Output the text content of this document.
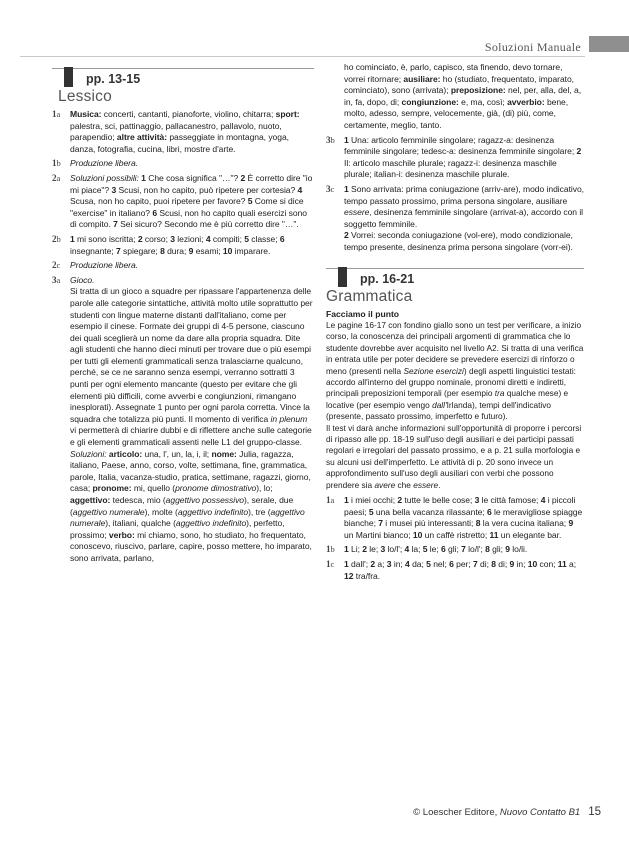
Soluzioni Manuale
pp. 13-15
Lessico
1a Musica: concerti, cantanti, pianoforte, violino, chitarra; sport: palestra, sci, pattinaggio, pallacanestro, pallavolo, nuoto, parapendio; altre attività: passeggiate in montagna, yoga, danza, fotografia, cucina, libri, mostre d'arte.

1b Produzione libera.

2a Soluzioni possibili: 1 Che cosa significa "…"? 2 È corretto dire "io mi piace"? 3 Scusi, non ho capito, può ripetere per cortesia? 4 Scusa, non ho capito, puoi ripetere per favore? 5 Come si dice "exercise" in italiano? 6 Scusi, non ho capito quali esercizi sono di compito. 7 Sei sicuro? Secondo me è più corretto dire "…".

2b 1 mi sono iscritta; 2 corso; 3 lezioni; 4 compiti; 5 classe; 6 insegnante; 7 spiegare; 8 dura; 9 esami; 10 imparare.

2c Produzione libera.

3a Gioco.
Si tratta di un gioco a squadre per ripassare l'appartenenza delle parole alle categorie sintattiche, attività molto utile soprattutto per studenti con lingue materne distanti dall'italiano, come per esempio il cinese. Formate dei gruppi di 4-5 persone, ciascuno dei quali sceglierà un nome da dare alla propria squadra. Dite agli studenti che hanno dieci minuti per trovare due o più esempi per tutti gli elementi grammaticali senza tralasciarne qualcuno, perché, se ce ne saranno senza esempi, verranno sottratti 3 punti per ogni elemento mancante (questo per evitare che gli elementi più difficili, come avverbi e congiunzioni, rimangano inesplorati). Assegnate 1 punto per ogni parola corretta. Vince la squadra che totalizza più punti. Il momento di verifica in plenum vi permetterà di chiarire dubbi e di riflettere anche sulle categorie e gli elementi grammaticali assenti nelle L1 del gruppo-classe.
Soluzioni: articolo: una, l', un, la, i, il; nome: Julia, ragazza, italiano, Paese, anno, corso, volte, settimana, fine, grammatica, parole, Italia, vacanza-studio, pratica, settimane, ragazzi, giorno, casa; pronome: mi, quello (pronome dimostrativo), lo; aggettivo: tedesca, mio (aggettivo possessivo), serale, due (aggettivo numerale), molte (aggettivo indefinito), tre (aggettivo numerale), italiani, qualche (aggettivo indefinito), perfetto, prossimo; verbo: mi chiamo, sono, ho studiato, ho frequentato, conoscevo, riuscivo, parlare, capire, posso mettere, ho imparato, sono arrivata, parlano,

ho cominciato, è, parlo, capisco, sta finendo, devo tornare, vorrei ritornare; ausiliare: ho (studiato, frequentato, imparato, cominciato), sono (arrivata); preposizione: nel, per, alla, del, a, in, fa, dopo, di; congiunzione: e, ma, così; avverbio: bene, molto, adesso, sempre, velocemente, già, (di) più, come, certamente, meglio, tanto.

3b 1 Una: articolo femminile singolare; ragazz-a: desinenza femminile singolare; tedesc-a: desinenza femminile singolare; 2 Il: articolo maschile plurale; ragazz-i: desinenza maschile plurale; italian-i: desinenza maschile plurale.

3c 1 Sono arrivata: prima coniugazione (arriv-are), modo indicativo, tempo passato prossimo, prima persona singolare, ausiliare essere, desinenza femminile singolare (arrivat-a), accordo con il soggetto femminile.
2 Vorrei: seconda coniugazione (vol-ere), modo condizionale, tempo presente, desinenza prima persona singolare (vorr-ei).

pp. 16-21
Grammatica
Facciamo il punto

Le pagine 16-17 con fondino giallo sono un test per verificare, a inizio corso, la conoscenza dei principali argomenti di grammatica che lo studente dovrebbe aver acquisito nel livello A2. Si tratta di una verifica in entrata utile per poter decidere se prevedere esercizi di rinforzo o meno (presenti nella Sezione esercizi) degli aspetti linguistici testati: accordo all'interno del gruppo nominale, pronomi diretti e indiretti, principali preposizioni temporali (per esempio tra qualche mese) e locative (per esempio vengo dall'Irlanda), tempi dell'indicativo (presente, passato prossimo, imperfetto e futuro).

Il test vi darà anche informazioni sull'opportunità di proporre i percorsi di ripasso alle pp. 18-19 sull'uso degli ausiliari e dei participi passati regolari e irregolari del passato prossimo, e a p. 21 sulla morfologia e su alcuni usi dell'imperfetto. Le attività di p. 20 sono invece un approfondimento sull'uso degli ausiliari con verbi che possono prendere sia avere che essere.

1a 1 i miei occhi; 2 tutte le belle cose; 3 le città famose; 4 i piccoli paesi; 5 una bella vacanza rilassante; 6 le meravigliose spiagge bianche; 7 i musei più interessanti; 8 la vera cucina italiana; 9 un Martini bianco; 10 un caffè ristretto; 11 un elegante bar.

1b 1 Li; 2 le; 3 lo/l'; 4 la; 5 le; 6 gli; 7 lo/l'; 8 gli; 9 lo/li.

1c 1 dall'; 2 a; 3 in; 4 da; 5 nel; 6 per; 7 di; 8 di; 9 in; 10 con; 11 a; 12 tra/fra.

© Loescher Editore, Nuovo Contatto B1 15
